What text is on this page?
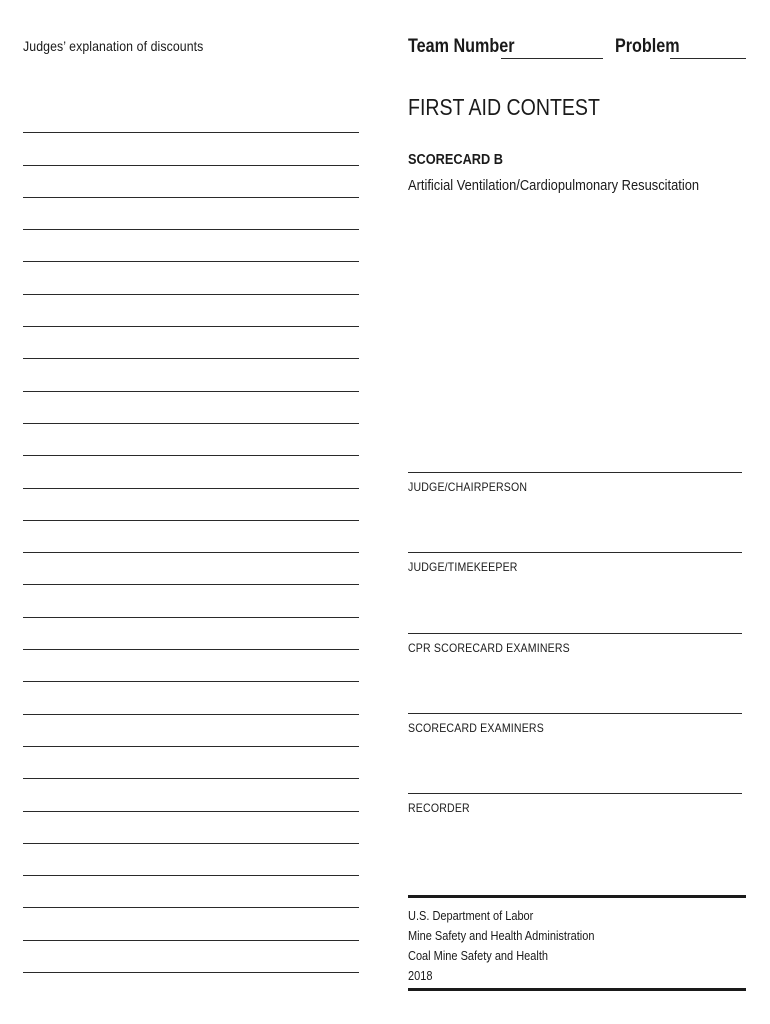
Judges’ explanation of discounts	Team Number	Problem
FIRST AID CONTEST
SCORECARD B
Artificial Ventilation/Cardiopulmonary Resuscitation
JUDGE/CHAIRPERSON
JUDGE/TIMEKEEPER
CPR SCORECARD EXAMINERS
SCORECARD EXAMINERS
RECORDER
U.S. Department of Labor
Mine Safety and Health Administration
Coal Mine Safety and Health
2018
